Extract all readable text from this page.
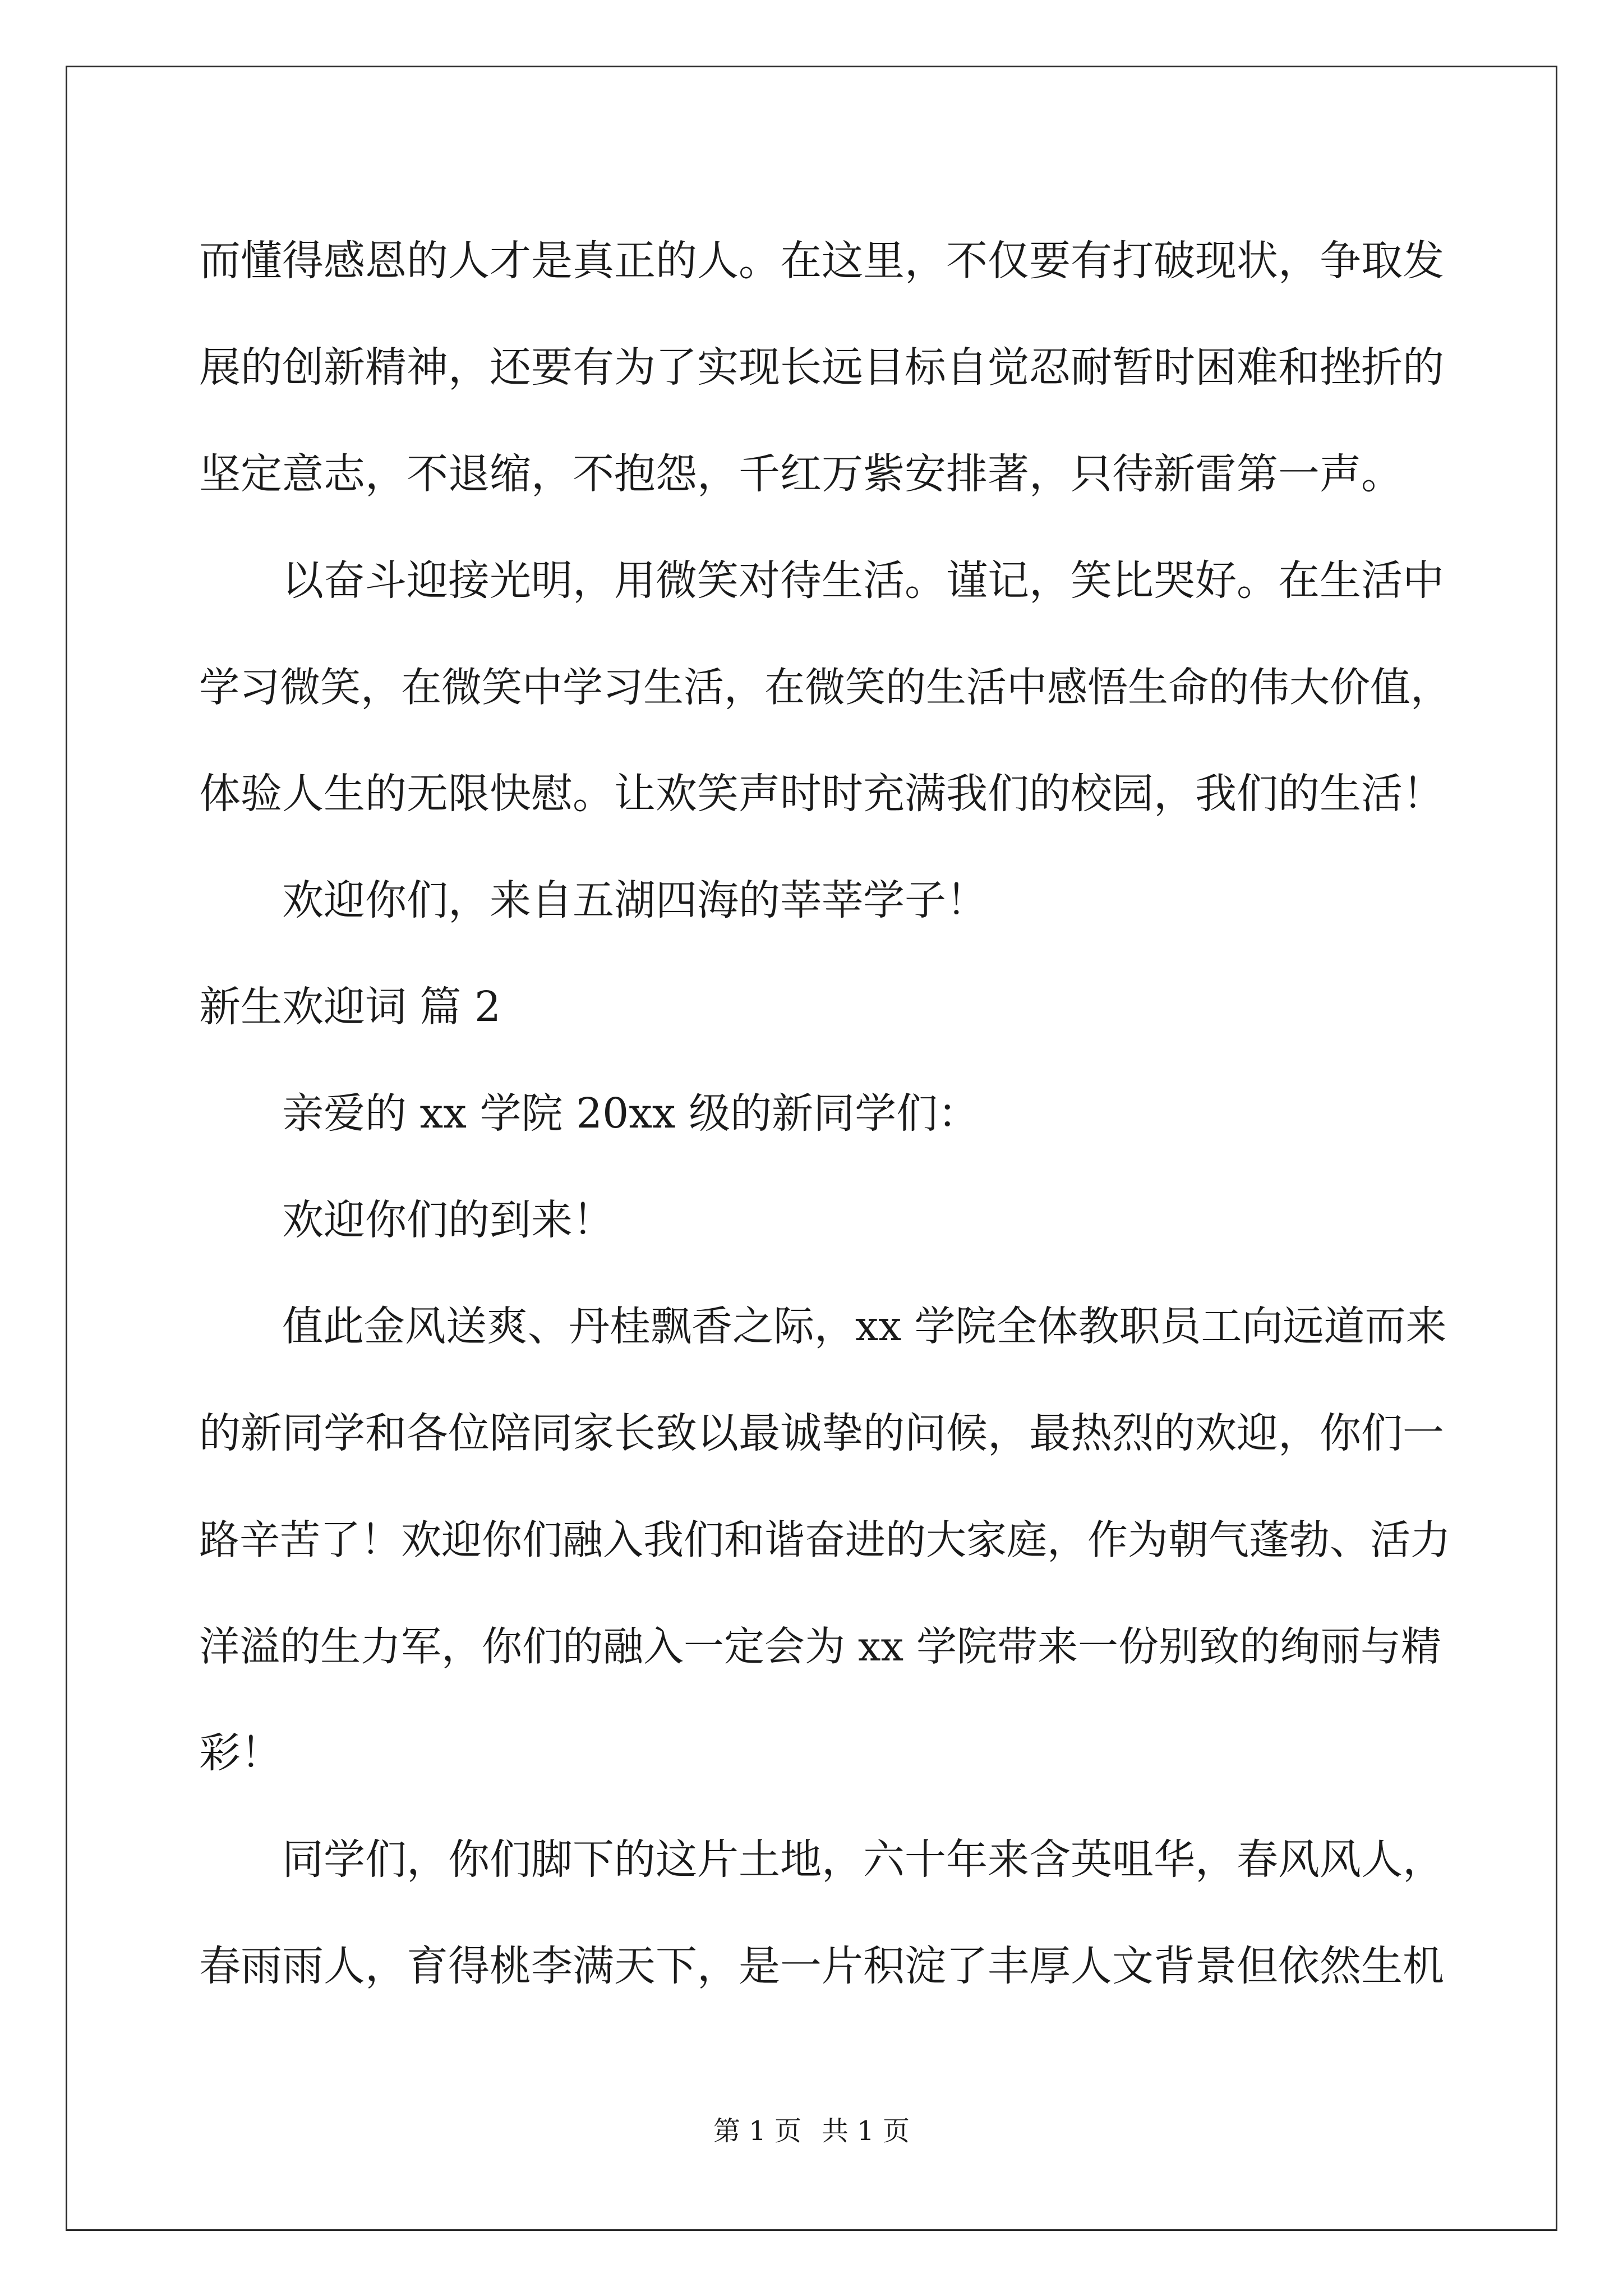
而懂得感恩的人才是真正的人。在这里，不仅要有打破现状，争取发
展的创新精神，还要有为了实现长远目标自觉忍耐暂时困难和挫折的
坚定意志，不退缩，不抱怨，千红万紫安排著，只待新雷第一声。
以奋斗迎接光明，用微笑对待生活。谨记，笑比哭好。在生活中
学习微笑，在微笑中学习生活，在微笑的生活中感悟生命的伟大价值，
体验人生的无限快慰。让欢笑声时时充满我们的校园，我们的生活！
欢迎你们，来自五湖四海的莘莘学子！
新生欢迎词 篇 2
亲爱的 xx 学院 20xx 级的新同学们：
欢迎你们的到来！
值此金风送爽、丹桂飘香之际，xx 学院全体教职员工向远道而来
的新同学和各位陪同家长致以最诚挚的问候，最热烈的欢迎，你们一
路辛苦了！欢迎你们融入我们和谐奋进的大家庭，作为朝气蓬勃、活力
洋溢的生力军，你们的融入一定会为 xx 学院带来一份别致的绚丽与精
彩！
同学们，你们脚下的这片土地，六十年来含英咀华，春风风人，
春雨雨人，育得桃李满天下，是一片积淀了丰厚人文背景但依然生机
第 1 页 共 1 页
